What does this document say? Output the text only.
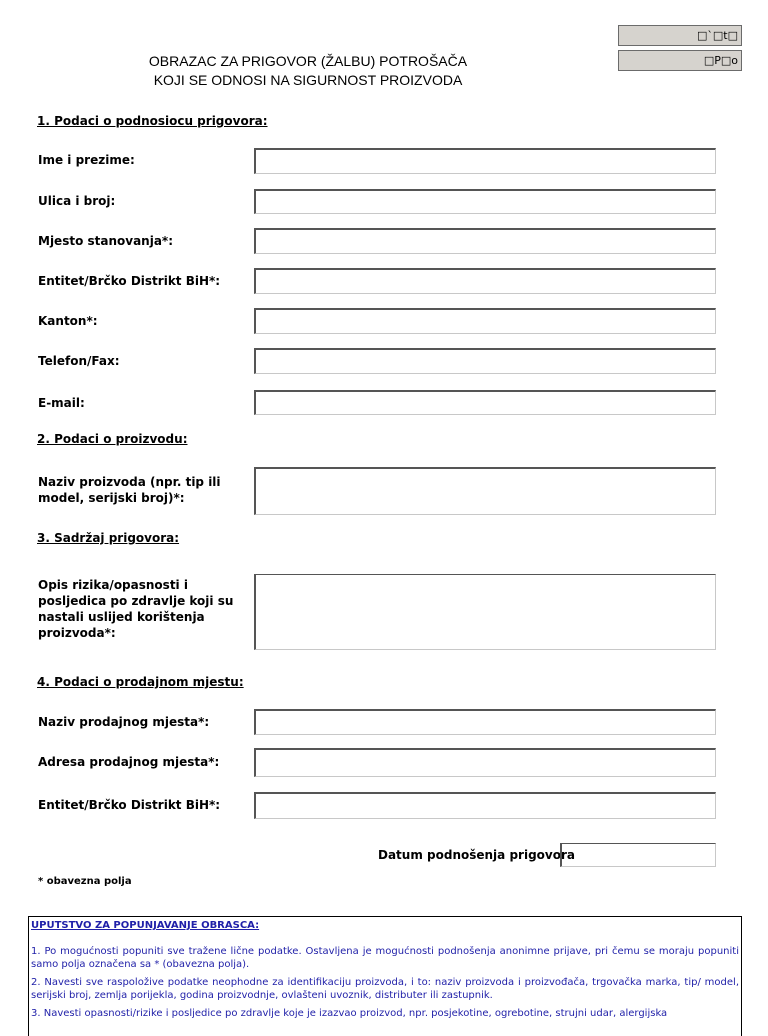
OBRAZAC ZA PRIGOVOR (ŽALBU) POTROŠAČA
KOJI SE ODNOSI NA SIGURNOST PROIZVODA
□`□t□
□P□o
1. Podaci o podnosiocu prigovora:
Ime i prezime:
Ulica i broj:
Mjesto stanovanja*:
Entitet/Brčko Distrikt BiH*:
Kanton*:
Telefon/Fax:
E-mail:
2. Podaci o proizvodu:
Naziv proizvoda (npr. tip ili model, serijski broj)*:
3. Sadržaj prigovora:
Opis rizika/opasnosti i posljedica po zdravlje koji su nastali uslijed korištenja proizvoda*:
4. Podaci o prodajnom mjestu:
Naziv prodajnog mjesta*:
Adresa prodajnog mjesta*:
Entitet/Brčko Distrikt BiH*:
Datum podnošenja prigovora
* obavezna polja
UPUTSTVO ZA POPUNJAVANJE OBRASCA:
1. Po mogućnosti popuniti sve tražene lične podatke. Ostavljena je mogućnosti podnošenja anonimne prijave, pri čemu se moraju popuniti samo polja označena sa * (obavezna polja).
2. Navesti sve raspoložive podatke neophodne za identifikaciju proizvoda, i to: naziv proizvoda i proizvođača, trgovačka marka, tip/ model, serijski broj, zemlja porijekla, godina proizvodnje, ovlašteni uvoznik, distributer ili zastupnik.
3. Navesti opasnosti/rizike i posljedice po zdravlje koje je izazvao proizvod, npr. posjekotine, ogrebotine, strujni udar, alergijska
